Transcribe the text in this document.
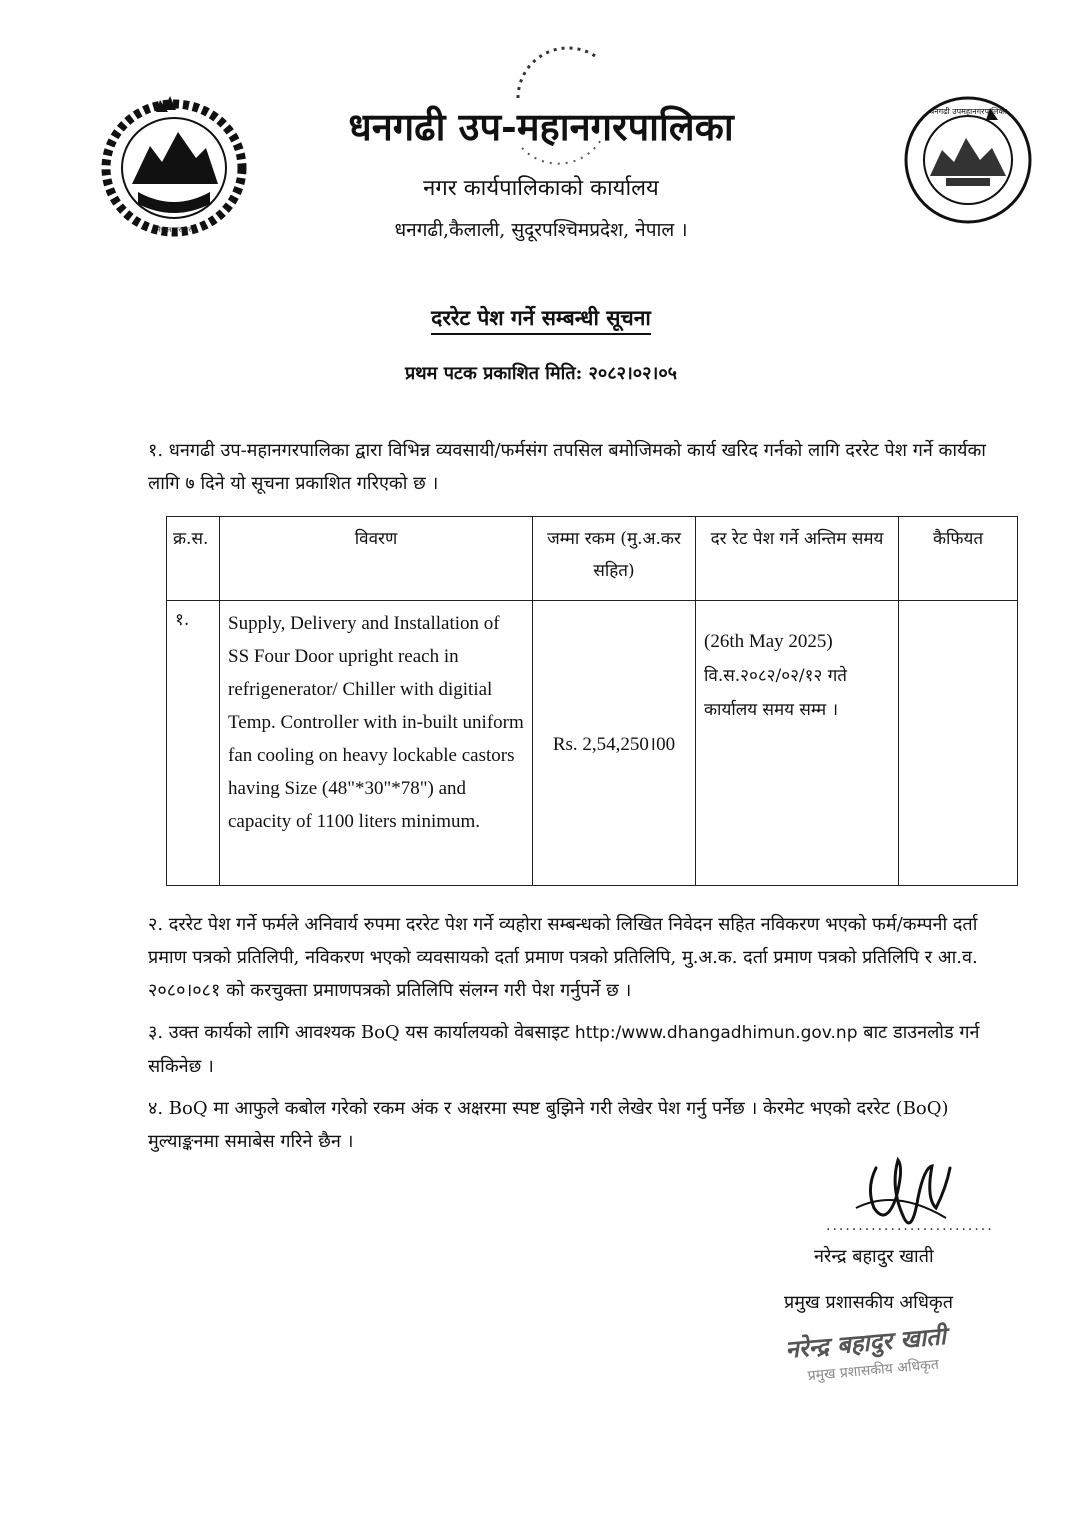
नेपाल सरकार
धनगढी उपमहानगरपालिका
धनगढी उप-महानगरपालिका
नगर कार्यपालिकाको कार्यालय
धनगढी,कैलाली, सुदूरपश्चिमप्रदेश, नेपाल ।
दररेट पेश गर्ने सम्बन्धी सूचना
प्रथम पटक प्रकाशित मिति: २०८२।०२।०५
१. धनगढी उप-महानगरपालिका द्वारा विभिन्न व्यवसायी/फर्मसंग तपसिल बमोजिमको कार्य खरिद गर्नको लागि दररेट पेश गर्ने कार्यका लागि ७ दिने यो सूचना प्रकाशित गरिएको छ ।
क्र.स.	विवरण	जम्मा रकम (मु.अ.कर सहित)	दर रेट पेश गर्ने अन्तिम समय	कैफियत
१.	Supply, Delivery and Installation of SS Four Door upright reach in refrigenerator/ Chiller with digitial Temp. Controller with in-built uniform fan cooling on heavy lockable castors having Size (48"*30"*78") and capacity of 1100 liters minimum.	Rs. 2,54,250।00	(26th May 2025)
वि.स.२०८२/०२/१२ गते कार्यालय समय सम्म ।	

२. दररेट पेश गर्ने फर्मले अनिवार्य रुपमा दररेट पेश गर्ने व्यहोरा सम्बन्धको लिखित निवेदन सहित नविकरण भएको फर्म/कम्पनी दर्ता प्रमाण पत्रको प्रतिलिपी, नविकरण भएको व्यवसायको दर्ता प्रमाण पत्रको प्रतिलिपि, मु.अ.क. दर्ता प्रमाण पत्रको प्रतिलिपि र आ.व. २०८०।०८१ को करचुक्ता प्रमाणपत्रको प्रतिलिपि संलग्न गरी पेश गर्नुपर्ने छ ।
३. उक्त कार्यको लागि आवश्यक BoQ यस कार्यालयको वेबसाइट http:/www.dhangadhimun.gov.np बाट डाउनलोड गर्न सकिनेछ ।
४. BoQ मा आफुले कबोल गरेको रकम अंक र अक्षरमा स्पष्ट बुझिने गरी लेखेर पेश गर्नु पर्नेछ । केरमेट भएको दररेट (BoQ) मुल्याङ्कनमा समाबेस गरिने छैन ।
..........................
नरेन्द्र बहादुर खाती
प्रमुख प्रशासकीय अधिकृत
नरेन्द्र बहादुर खाती
प्रमुख प्रशासकीय अधिकृत
